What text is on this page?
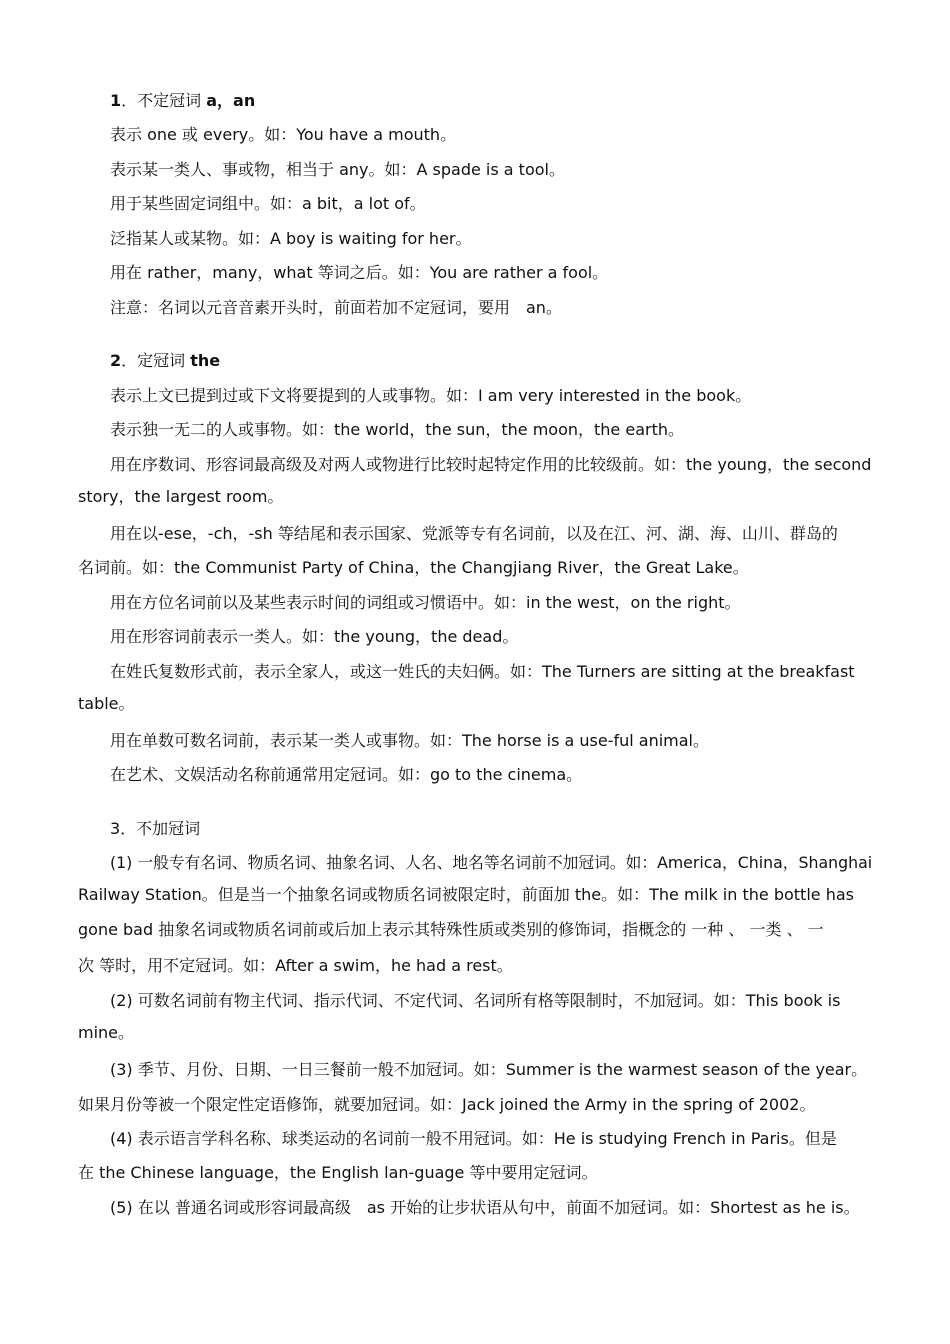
1．不定冠词 a，an
表示 one 或 every。如：You have a mouth。
表示某一类人、事或物，相当于 any。如：A spade is a tool。
用于某些固定词组中。如：a bit，a lot of。
泛指某人或某物。如：A boy is waiting for her。
用在 rather，many，what 等词之后。如：You are rather a fool。
注意：名词以元音音素开头时，前面若加不定冠词，要用　an。
2．定冠词 the
表示上文已提到过或下文将要提到的人或事物。如：I am very interested in the book。
表示独一无二的人或事物。如：the world，the sun，the moon，the earth。
用在序数词、形容词最高级及对两人或物进行比较时起特定作用的比较级前。如：the young，the second
story，the largest room。
用在以-ese，-ch，-sh 等结尾和表示国家、党派等专有名词前，以及在江、河、湖、海、山川、群岛的
名词前。如：the Communist Party of China，the Changjiang River，the Great Lake。
用在方位名词前以及某些表示时间的词组或习惯语中。如：in the west，on the right。
用在形容词前表示一类人。如：the young，the dead。
在姓氏复数形式前，表示全家人，或这一姓氏的夫妇俩。如：The Turners are sitting at the breakfast
table。
用在单数可数名词前，表示某一类人或事物。如：The horse is a use-ful animal。
在艺术、文娱活动名称前通常用定冠词。如：go to the cinema。
3．不加冠词
(1) 一般专有名词、物质名词、抽象名词、人名、地名等名词前不加冠词。如：America，China，Shanghai
Railway Station。但是当一个抽象名词或物质名词被限定时，前面加 the。如：The milk in the bottle has
gone bad 抽象名词或物质名词前或后加上表示其特殊性质或类别的修饰词，指概念的 一种 、 一类 、 一
次 等时，用不定冠词。如：After a swim，he had a rest。
(2) 可数名词前有物主代词、指示代词、不定代词、名词所有格等限制时，不加冠词。如：This book is
mine。
(3) 季节、月份、日期、一日三餐前一般不加冠词。如：Summer is the warmest season of the year。
如果月份等被一个限定性定语修饰，就要加冠词。如：Jack joined the Army in the spring of 2002。
(4) 表示语言学科名称、球类运动的名词前一般不用冠词。如：He is studying French in Paris。但是
在 the Chinese language，the English lan-guage 等中要用定冠词。
(5) 在以 普通名词或形容词最高级　as 开始的让步状语从句中，前面不加冠词。如：Shortest as he is。
